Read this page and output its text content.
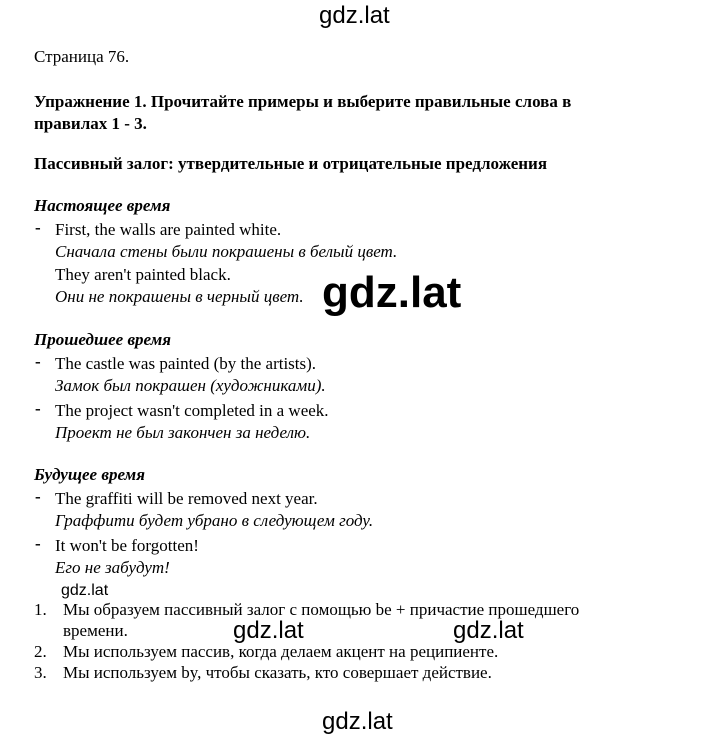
gdz.lat
Страница 76.
Упражнение 1. Прочитайте примеры и выберите правильные слова в
правилах 1 - 3.
Пассивный залог: утвердительные и отрицательные предложения
Настоящее время
- First, the walls are painted white.
Сначала стены были покрашены в белый цвет.
They aren't painted black.
Они не покрашены в черный цвет. gdz.lat
Прошедшее время
- The castle was painted (by the artists).
Замок был покрашен (художниками).
- The project wasn't completed in a week.
Проект не был закончен за неделю.
Будущее время
- The graffiti will be removed next year.
Граффити будет убрано в следующем году.
- It won't be forgotten!
Его не забудут!
gdz.lat
1. Мы образуем пассивный залог с помощью be + причастие прошедшего
времени.
2. Мы используем пассив, когда делаем акцент на реципиенте.
3. Мы используем by, чтобы сказать, кто совершает действие.
gdz.lat	gdz.lat
gdz.lat
